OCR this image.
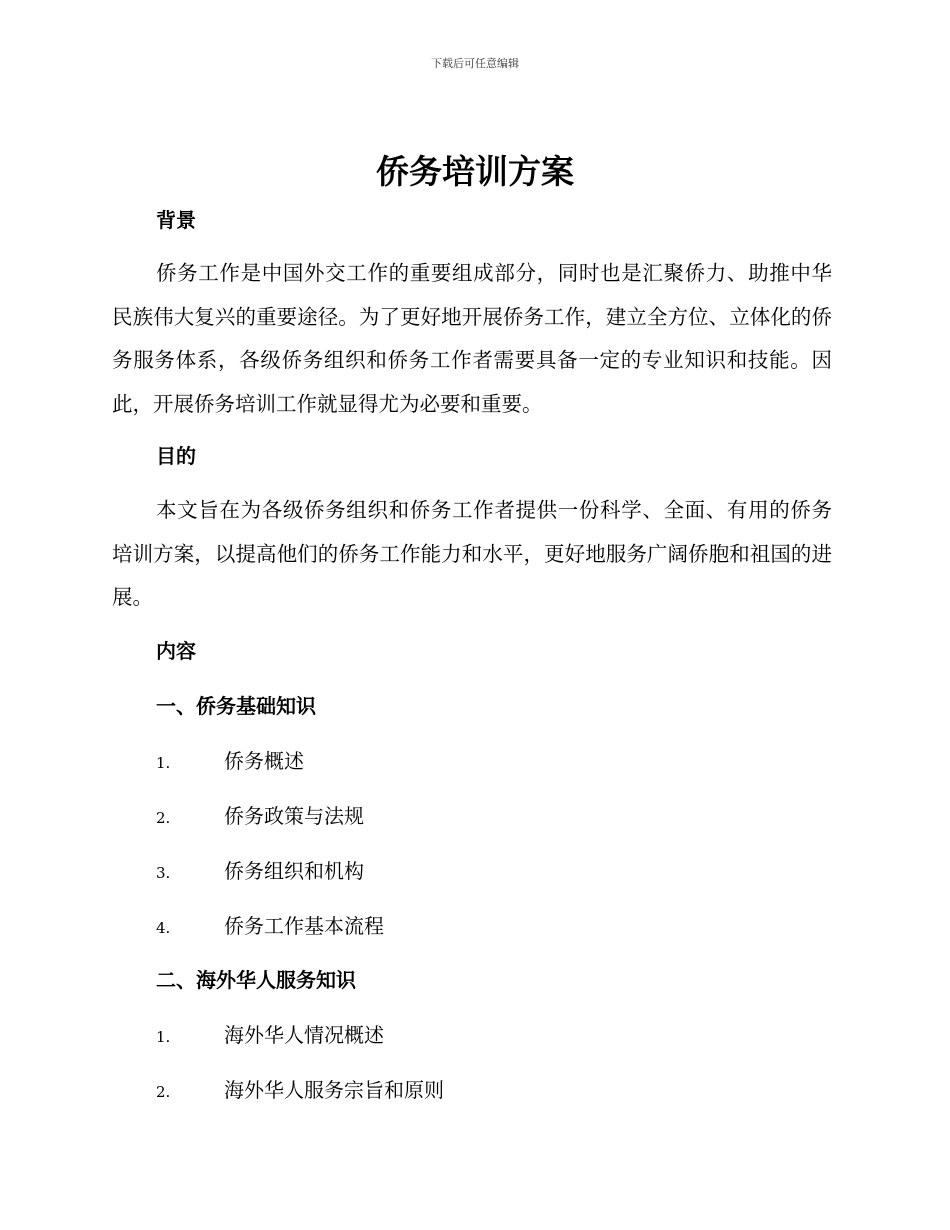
下载后可任意编辑
侨务培训方案
背景

侨务工作是中国外交工作的重要组成部分，同时也是汇聚侨力、助推中华民族伟大复兴的重要途径。为了更好地开展侨务工作，建立全方位、立体化的侨务服务体系，各级侨务组织和侨务工作者需要具备一定的专业知识和技能。因此，开展侨务培训工作就显得尤为必要和重要。

目的

本文旨在为各级侨务组织和侨务工作者提供一份科学、全面、有用的侨务培训方案，以提高他们的侨务工作能力和水平，更好地服务广阔侨胞和祖国的进展。

内容
一、侨务基础知识
1.	侨务概述
2.	侨务政策与法规
3.	侨务组织和机构
4.	侨务工作基本流程
二、海外华人服务知识
1.	海外华人情况概述
2.	海外华人服务宗旨和原则
